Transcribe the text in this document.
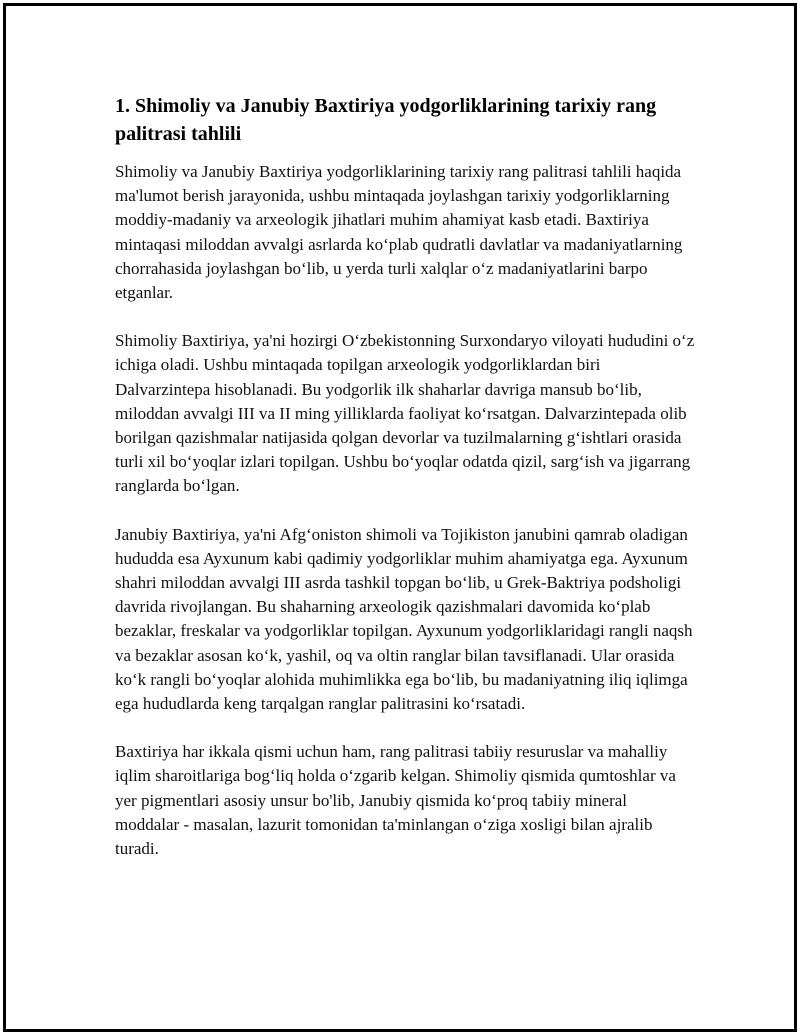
1. Shimoliy va Janubiy Baxtiriya yodgorliklarining tarixiy rang palitrasi tahlili

Shimoliy va Janubiy Baxtiriya yodgorliklarining tarixiy rang palitrasi tahlili haqida ma'lumot berish jarayonida, ushbu mintaqada joylashgan tarixiy yodgorliklarning moddiy-madaniy va arxeologik jihatlari muhim ahamiyat kasb etadi. Baxtiriya mintaqasi miloddan avvalgi asrlarda ko‘plab qudratli davlatlar va madaniyatlarning chorrahasida joylashgan bo‘lib, u yerda turli xalqlar o‘z madaniyatlarini barpo etganlar.

Shimoliy Baxtiriya, ya'ni hozirgi O‘zbekistonning Surxondaryo viloyati hududini o‘z ichiga oladi. Ushbu mintaqada topilgan arxeologik yodgorliklardan biri Dalvarzintepa hisoblanadi. Bu yodgorlik ilk shaharlar davriga mansub bo‘lib, miloddan avvalgi III va II ming yilliklarda faoliyat ko‘rsatgan. Dalvarzintepada olib borilgan qazishmalar natijasida qolgan devorlar va tuzilmalarning g‘ishtlari orasida turli xil bo‘yoqlar izlari topilgan. Ushbu bo‘yoqlar odatda qizil, sarg‘ish va jigarrang ranglarda bo‘lgan.

Janubiy Baxtiriya, ya'ni Afg‘oniston shimoli va Tojikiston janubini qamrab oladigan hududda esa Ayxunum kabi qadimiy yodgorliklar muhim ahamiyatga ega. Ayxunum shahri miloddan avvalgi III asrda tashkil topgan bo‘lib, u Grek-Baktriya podsholigi davrida rivojlangan. Bu shaharning arxeologik qazishmalari davomida ko‘plab bezaklar, freskalar va yodgorliklar topilgan. Ayxunum yodgorliklaridagi rangli naqsh va bezaklar asosan ko‘k, yashil, oq va oltin ranglar bilan tavsiflanadi. Ular orasida ko‘k rangli bo‘yoqlar alohida muhimlikka ega bo‘lib, bu madaniyatning iliq iqlimga ega hududlarda keng tarqalgan ranglar palitrasini ko‘rsatadi.

Baxtiriya har ikkala qismi uchun ham, rang palitrasi tabiiy resuruslar va mahalliy iqlim sharoitlariga bog‘liq holda o‘zgarib kelgan. Shimoliy qismida qumtoshlar va yer pigmentlari asosiy unsur bo'lib, Janubiy qismida ko‘proq tabiiy mineral moddalar - masalan, lazurit tomonidan ta'minlangan o‘ziga xosligi bilan ajralib turadi.
